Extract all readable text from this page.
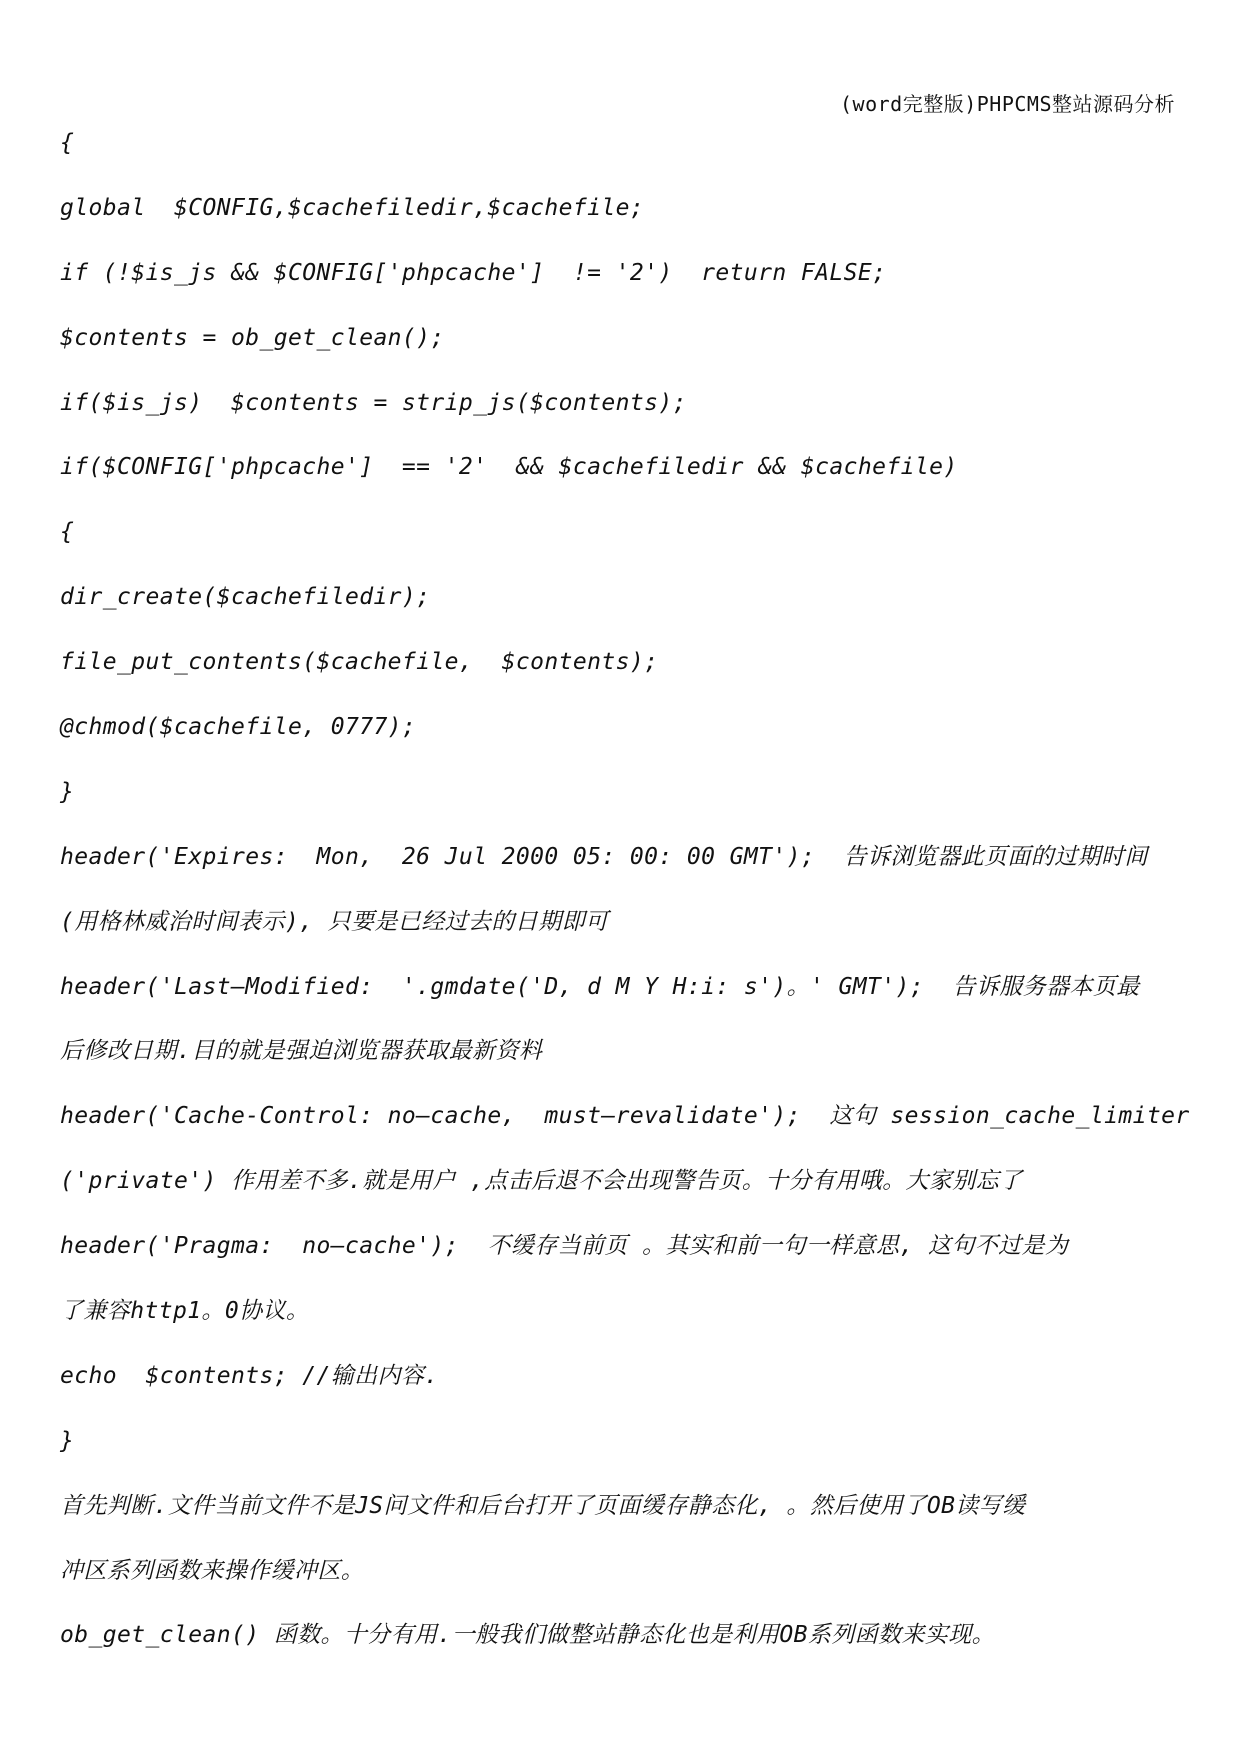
(word完整版)PHPCMS整站源码分析
{
global  $CONFIG,$cachefiledir,$cachefile;
if (!$is_js && $CONFIG['phpcache']  != '2')  return FALSE;
$contents = ob_get_clean();
if($is_js)  $contents = strip_js($contents);
if($CONFIG['phpcache']  == '2'  && $cachefiledir && $cachefile)
{
dir_create($cachefiledir);
file_put_contents($cachefile,  $contents);
@chmod($cachefile, 0777);
}
header('Expires:  Mon,  26 Jul 2000 05: 00: 00 GMT');  告诉浏览器此页面的过期时间
(用格林威治时间表示), 只要是已经过去的日期即可
header('Last—Modified:  '.gmdate('D, d M Y H:i: s')。' GMT');  告诉服务器本页最
后修改日期.目的就是强迫浏览器获取最新资料
header('Cache-Control: no—cache,  must—revalidate');  这句 session_cache_limiter
('private') 作用差不多.就是用户 ,点击后退不会出现警告页。十分有用哦。大家别忘了
header('Pragma:  no—cache');  不缓存当前页 。其实和前一句一样意思, 这句不过是为
了兼容http1。0协议。
echo  $contents; //输出内容.
}
首先判断.文件当前文件不是JS问文件和后台打开了页面缓存静态化, 。然后使用了OB读写缓
冲区系列函数来操作缓冲区。
ob_get_clean() 函数。十分有用.一般我们做整站静态化也是利用OB系列函数来实现。
